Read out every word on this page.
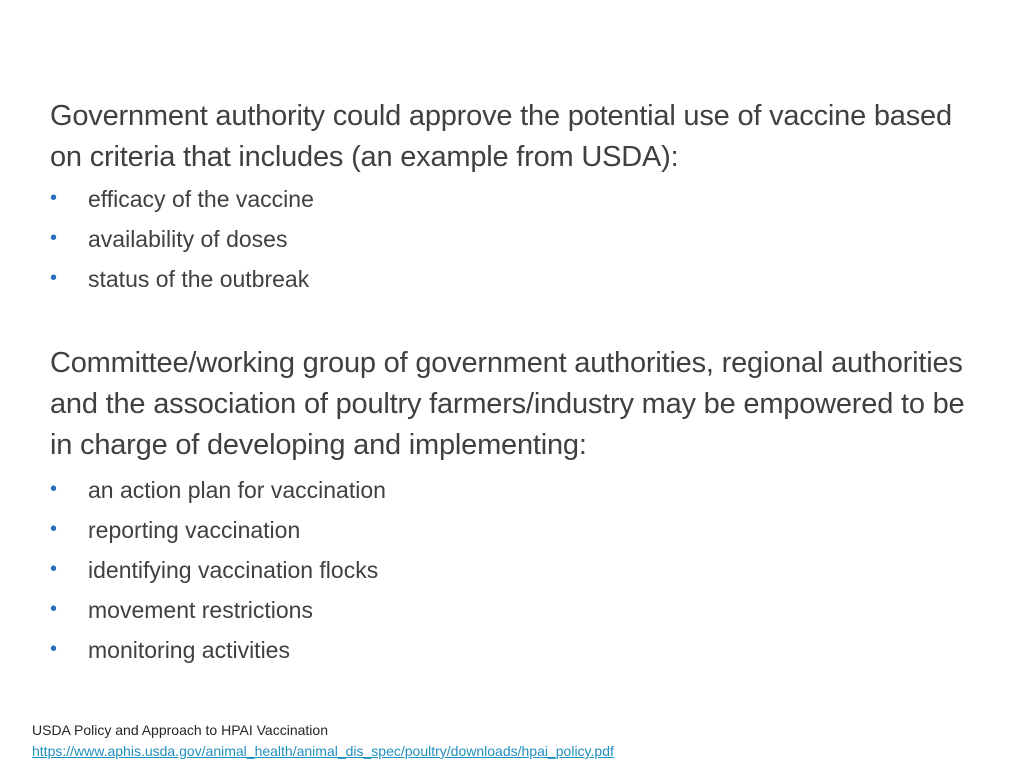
Government authority could approve the potential use of vaccine based on criteria that includes (an example from USDA):

• efficacy of the vaccine
• availability of doses
• status of the outbreak

Committee/working group of government authorities, regional authorities and the association of poultry farmers/industry may be empowered to be in charge of developing and implementing:

• an action plan for vaccination
• reporting vaccination
• identifying vaccination flocks
• movement restrictions
• monitoring activities
USDA Policy and Approach to HPAI Vaccination
https://www.aphis.usda.gov/animal_health/animal_dis_spec/poultry/downloads/hpai_policy.pdf
